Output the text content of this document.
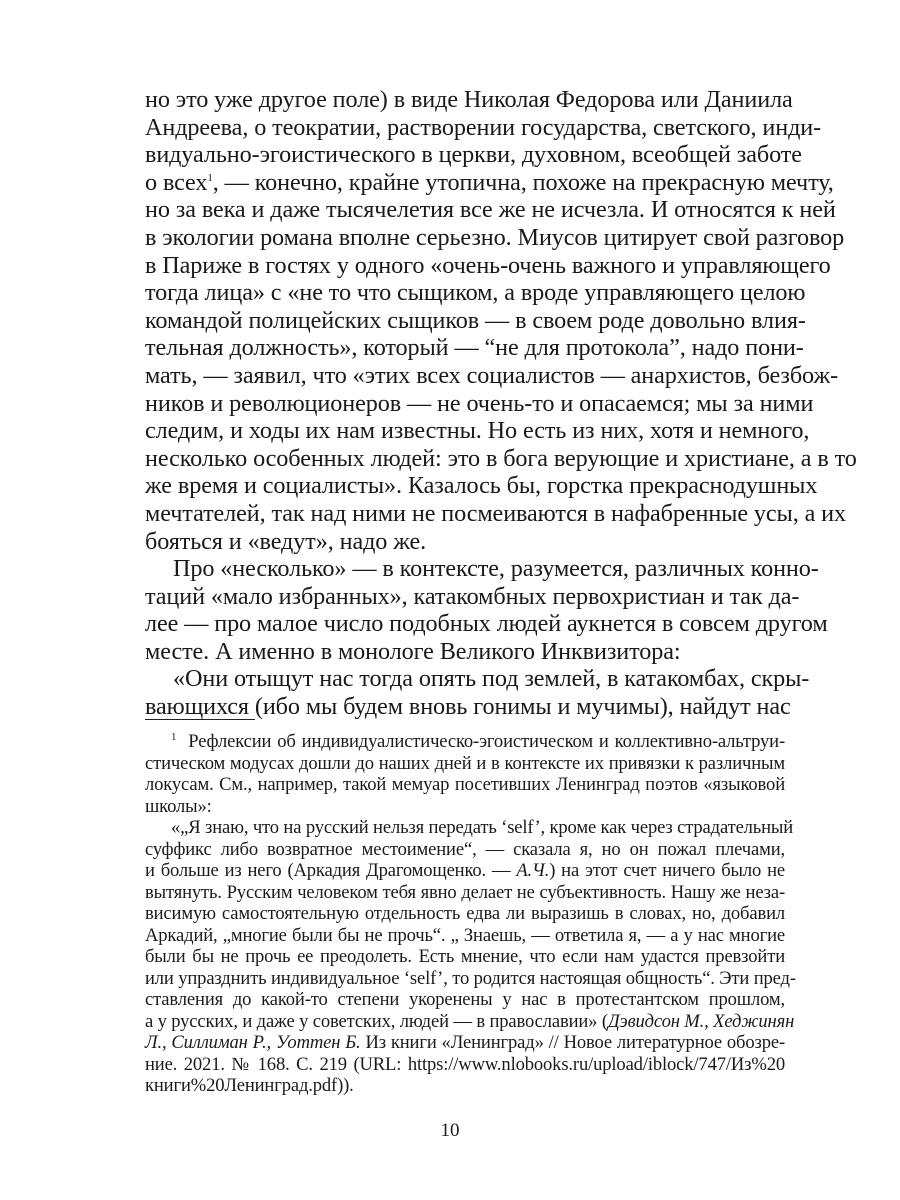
но это уже другое поле) в виде Николая Федорова или Даниила
Андреева, о теократии, растворении государства, светского, инди-
видуально-эгоистического в церкви, духовном, всеобщей заботе
о всех$^1$, — конечно, крайне утопична, похоже на прекрасную мечту,
но за века и даже тысячелетия все же не исчезла. И относятся к ней
в экологии романа вполне серьезно. Миусов цитирует свой разговор
в Париже в гостях у одного «очень-очень важного и управляющего
тогда лица» с «не то что сыщиком, а вроде управляющего целою
командой полицейских сыщиков — в своем роде довольно влия-
тельная должность», который — “не для протокола”, надо пони-
мать, — заявил, что «этих всех социалистов — анархистов, безбож-
ников и революционеров — не очень-то и опасаемся; мы за ними
следим, и ходы их нам известны. Но есть из них, хотя и немного,
несколько особенных людей: это в бога верующие и христиане, а в то
же время и социалисты». Казалось бы, горстка прекраснодушных
мечтателей, так над ними не посмеиваются в нафабренные усы, а их
бояться и «ведут», надо же.
Про «несколько» — в контексте, разумеется, различных конно-
таций «мало избранных», катакомбных первохристиан и так да-
лее — про малое число подобных людей аукнется в совсем другом
месте. А именно в монологе Великого Инквизитора:
«Они отыщут нас тогда опять под землей, в катакомбах, скры-
вающихся (ибо мы будем вновь гонимы и мучимы), найдут нас
$^1$ Рефлексии об индивидуалистическо-эгоистическом и коллективно-альтруи-
стическом модусах дошли до наших дней и в контексте их привязки к различным
локусам. См., например, такой мемуар посетивших Ленинград поэтов «языковой
школы»:
«„Я знаю, что на русский нельзя передать ‘self’, кроме как через страдательный
суффикс либо возвратное местоимение“, — сказала я, но он пожал плечами,
и больше из него (Аркадия Драгомощенко. — А.Ч.) на этот счет ничего было не
вытянуть. Русским человеком тебя явно делает не субъективность. Нашу же неза-
висимую самостоятельную отдельность едва ли выразишь в словах, но, добавил
Аркадий, „многие были бы не прочь“. „ Знаешь, — ответила я, — а у нас многие
были бы не прочь ее преодолеть. Есть мнение, что если нам удастся превзойти
или упразднить индивидуальное ‘self’, то родится настоящая общность“. Эти пред-
ставления до какой-то степени укоренены у нас в протестантском прошлом,
а у русских, и даже у советских, людей — в православии» (Дэвидсон М., Хеджинян
Л., Силлиман Р., Уоттен Б. Из книги «Ленинград» // Новое литературное обозре-
ние. 2021. № 168. С. 219 (URL: https://www.nlobooks.ru/upload/iblock/747/Из%20
книги%20Ленинград.pdf)).
10
